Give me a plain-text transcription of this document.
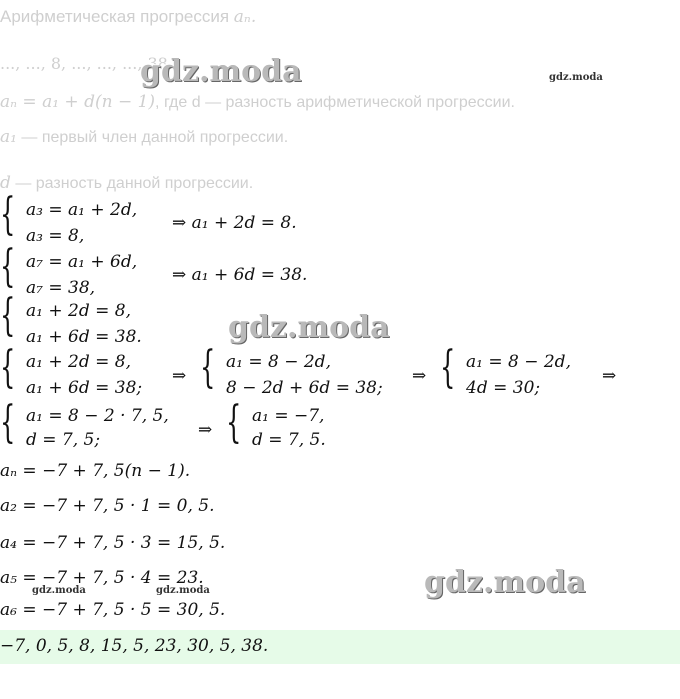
Арифметическая прогрессия aₙ.
..., ..., 8, ..., ..., ..., 38.
aₙ = a₁ + d(n − 1), где d — разность арифметической прогрессии.
a₁ — первый член данной прогрессии.
d — разность данной прогрессии.
{ a₃ = a₁ + 2d,
a₃ = 8,
⇒ a₁ + 2d = 8.
{ a₇ = a₁ + 6d,
a₇ = 38,
⇒ a₁ + 6d = 38.
{ a₁ + 2d = 8,
a₁ + 6d = 38.
{ a₁ + 2d = 8,
a₁ + 6d = 38;
⇒ { a₁ = 8 − 2d,
8 − 2d + 6d = 38;
⇒ { a₁ = 8 − 2d,
4d = 30;
⇒
{ a₁ = 8 − 2 · 7, 5,
d = 7, 5;	⇒ { a₁ = −7,
d = 7, 5.
aₙ = −7 + 7, 5(n − 1).
a₂ = −7 + 7, 5 · 1 = 0, 5.
a₄ = −7 + 7, 5 · 3 = 15, 5.
a₅ = −7 + 7, 5 · 4 = 23.
a₆ = −7 + 7, 5 · 5 = 30, 5.
−7, 0, 5, 8, 15, 5, 23, 30, 5, 38.
gdz.moda	gdz.moda
gdz.moda
gdz.moda
gdz.moda	gdz.moda
